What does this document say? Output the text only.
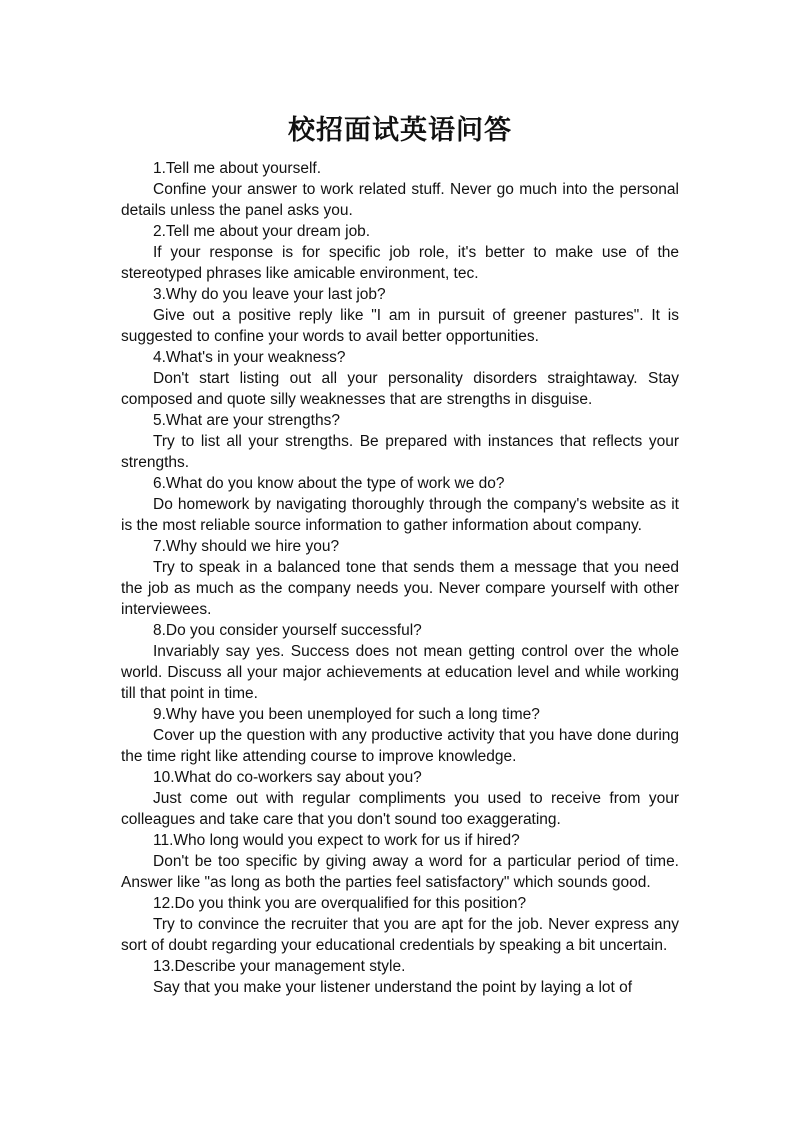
校招面试英语问答

1.Tell me about yourself.

Confine your answer to work related stuff. Never go much into the personal details unless the panel asks you.

2.Tell me about your dream job.

If your response is for specific job role, it's better to make use of the stereotyped phrases like amicable environment, tec.

3.Why do you leave your last job?

Give out a positive reply like "I am in pursuit of greener pastures". It is suggested to confine your words to avail better opportunities.

4.What's in your weakness?

Don't start listing out all your personality disorders straightaway. Stay composed and quote silly weaknesses that are strengths in disguise.

5.What are your strengths?

Try to list all your strengths. Be prepared with instances that reflects your strengths.

6.What do you know about the type of work we do?

Do homework by navigating thoroughly through the company's website as it is the most reliable source information to gather information about company.

7.Why should we hire you?

Try to speak in a balanced tone that sends them a message that you need the job as much as the company needs you. Never compare yourself with other interviewees.

8.Do you consider yourself successful?

Invariably say yes. Success does not mean getting control over the whole world. Discuss all your major achievements at education level and while working till that point in time.

9.Why have you been unemployed for such a long time?

Cover up the question with any productive activity that you have done during the time right like attending course to improve knowledge.

10.What do co-workers say about you?

Just come out with regular compliments you used to receive from your colleagues and take care that you don't sound too exaggerating.

11.Who long would you expect to work for us if hired?

Don't be too specific by giving away a word for a particular period of time. Answer like "as long as both the parties feel satisfactory" which sounds good.

12.Do you think you are overqualified for this position?

Try to convince the recruiter that you are apt for the job. Never express any sort of doubt regarding your educational credentials by speaking a bit uncertain.

13.Describe your management style.

Say that you make your listener understand the point by laying a lot of
